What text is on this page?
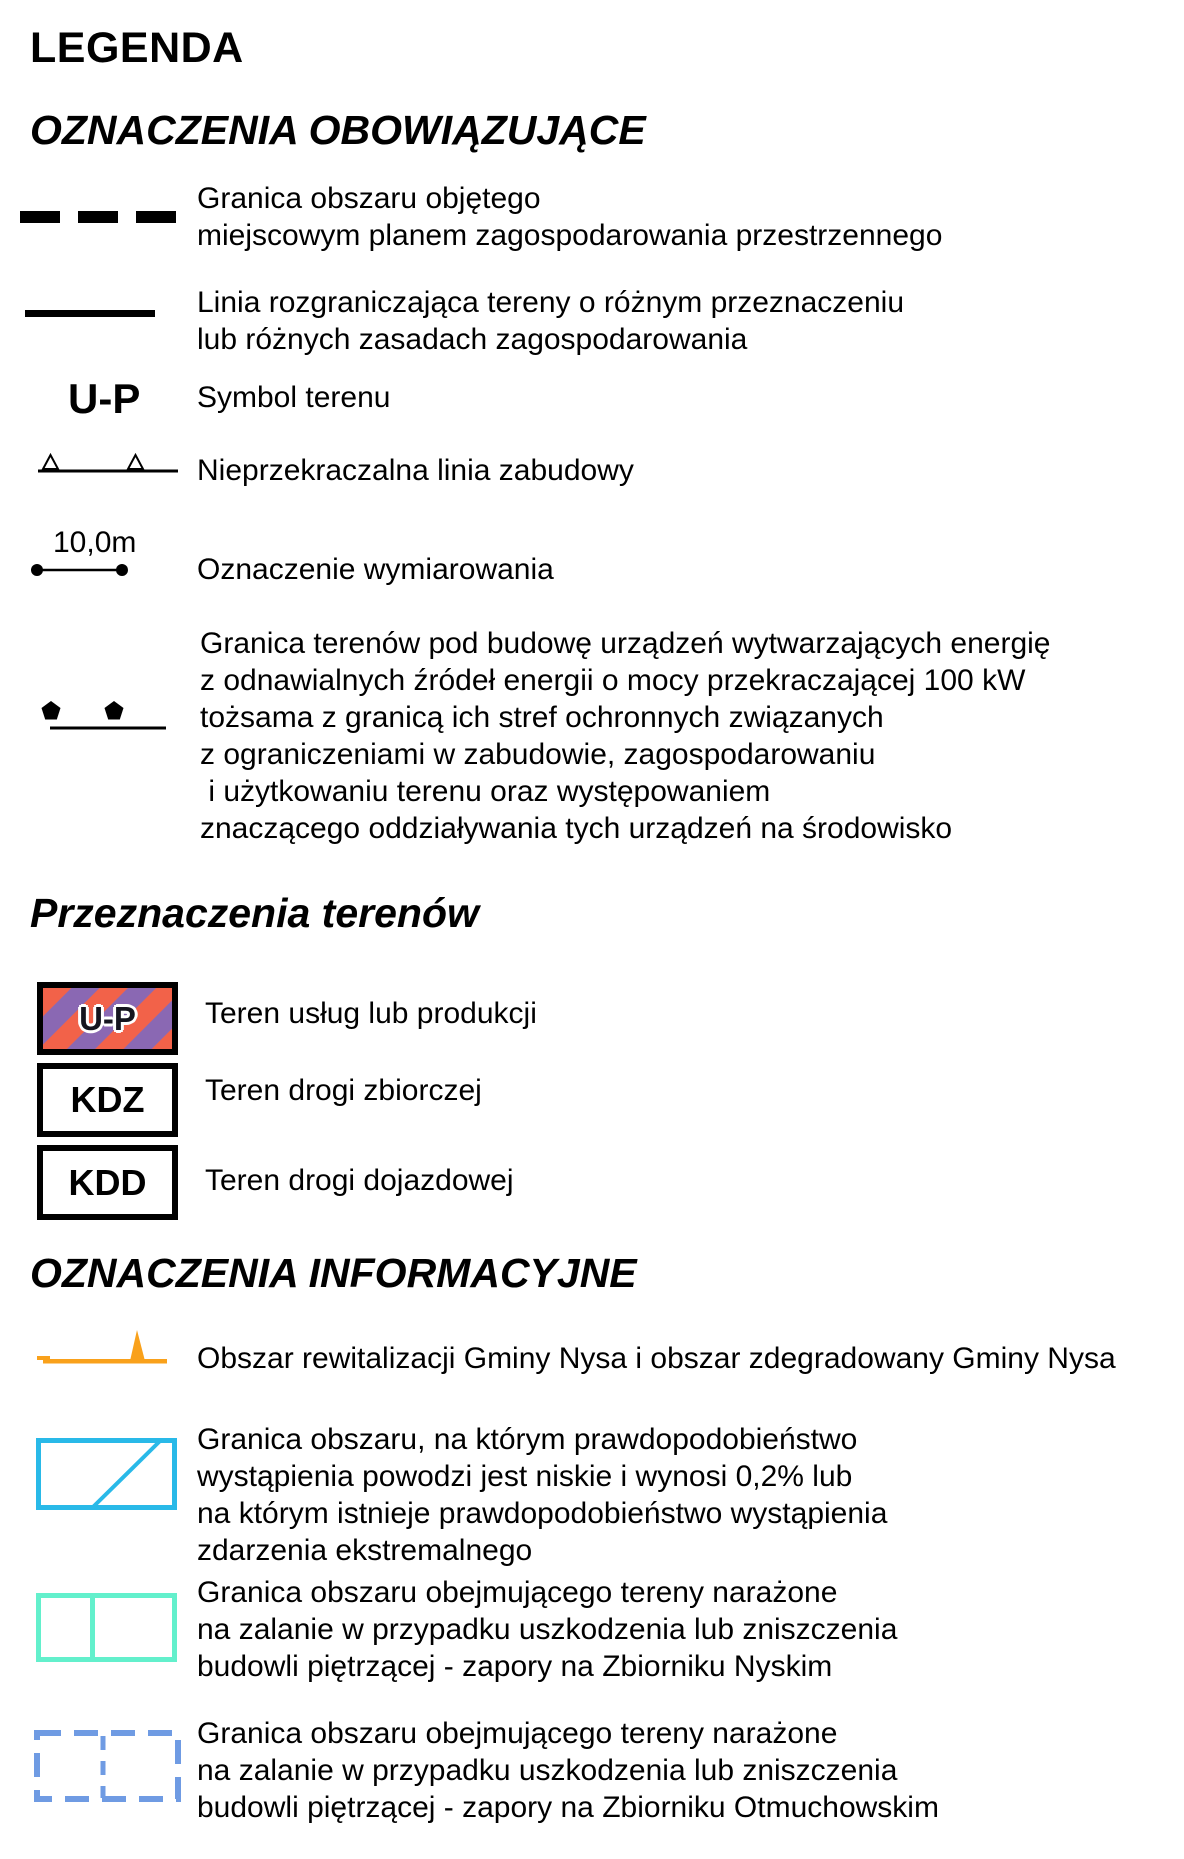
LEGENDA
OZNACZENIA OBOWIĄZUJĄCE
Granica obszaru objętego
miejscowym planem zagospodarowania przestrzennego
Linia rozgraniczająca tereny o różnym przeznaczeniu
lub różnych zasadach zagospodarowania
U-P Symbol terenu
Nieprzekraczalna linia zabudowy
10,0m
Oznaczenie wymiarowania
Granica terenów pod budowę urządzeń wytwarzających energię
z odnawialnych źródeł energii o mocy przekraczającej 100 kW
tożsama z granicą ich stref ochronnych związanych
z ograniczeniami w zabudowie, zagospodarowaniu
i użytkowaniu terenu oraz występowaniem
znaczącego oddziaływania tych urządzeń na środowisko
Przeznaczenia terenów
U-P Teren usług lub produkcji
KDZ Teren drogi zbiorczej
KDD Teren drogi dojazdowej
OZNACZENIA INFORMACYJNE
Obszar rewitalizacji Gminy Nysa i obszar zdegradowany Gminy Nysa
Granica obszaru, na którym prawdopodobieństwo
wystąpienia powodzi jest niskie i wynosi 0,2% lub
na którym istnieje prawdopodobieństwo wystąpienia
zdarzenia ekstremalnego
Granica obszaru obejmującego tereny narażone
na zalanie w przypadku uszkodzenia lub zniszczenia
budowli piętrzącej - zapory na Zbiorniku Nyskim
Granica obszaru obejmującego tereny narażone
na zalanie w przypadku uszkodzenia lub zniszczenia
budowli piętrzącej - zapory na Zbiorniku Otmuchowskim
